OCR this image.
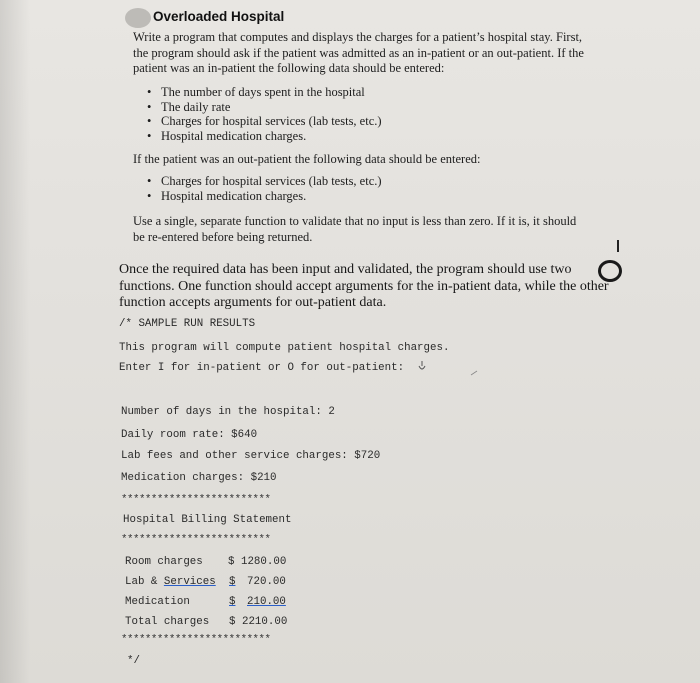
Overloaded Hospital
Write a program that computes and displays the charges for a patient’s hospital stay. First, the program should ask if the patient was admitted as an in-patient or an out-patient. If the patient was an in-patient the following data should be entered:
• The number of days spent in the hospital
• The daily rate
• Charges for hospital services (lab tests, etc.)
• Hospital medication charges.
If the patient was an out-patient the following data should be entered:
• Charges for hospital services (lab tests, etc.)
• Hospital medication charges.
Use a single, separate function to validate that no input is less than zero. If it is, it should be re-entered before being returned.
Once the required data has been input and validated, the program should use two functions. One function should accept arguments for the in-patient data, while the other function accepts arguments for out-patient data.
/* SAMPLE RUN RESULTS
This program will compute patient hospital charges.
Enter I for in-patient or O for out-patient:
Number of days in the hospital: 2
Daily room rate: $640
Lab fees and other service charges: $720
Medication charges: $210
*************************
Hospital Billing Statement
*************************
Room charges $ 1280.00
Lab & Services $ 720.00
Medication	$ 210.00
Total charges $ 2210.00
*************************
*/
